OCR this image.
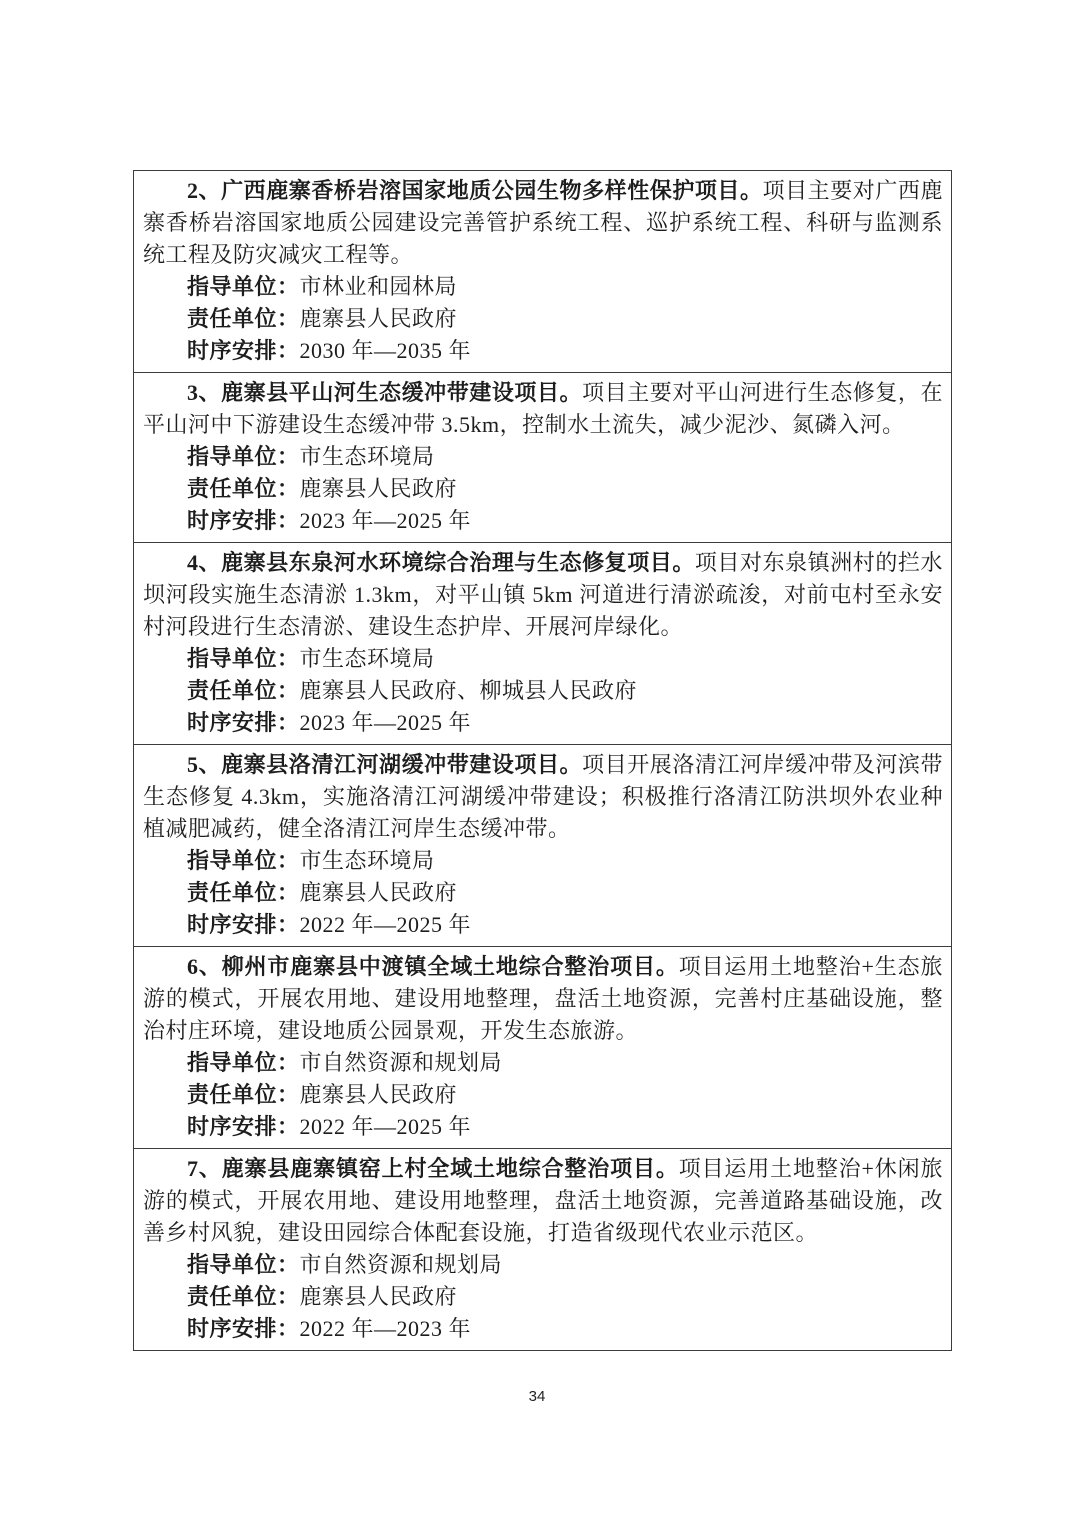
2、广西鹿寨香桥岩溶国家地质公园生物多样性保护项目。项目主要对广西鹿寨香桥岩溶国家地质公园建设完善管护系统工程、巡护系统工程、科研与监测系统工程及防灾减灾工程等。

指导单位：市林业和园林局

责任单位：鹿寨县人民政府

时序安排：2030 年—2035 年

3、鹿寨县平山河生态缓冲带建设项目。项目主要对平山河进行生态修复，在平山河中下游建设生态缓冲带 3.5km，控制水土流失，减少泥沙、氮磷入河。

指导单位：市生态环境局

责任单位：鹿寨县人民政府

时序安排：2023 年—2025 年

4、鹿寨县东泉河水环境综合治理与生态修复项目。项目对东泉镇洲村的拦水坝河段实施生态清淤 1.3km，对平山镇 5km 河道进行清淤疏浚，对前屯村至永安村河段进行生态清淤、建设生态护岸、开展河岸绿化。

指导单位：市生态环境局

责任单位：鹿寨县人民政府、柳城县人民政府

时序安排：2023 年—2025 年

5、鹿寨县洛清江河湖缓冲带建设项目。项目开展洛清江河岸缓冲带及河滨带生态修复 4.3km，实施洛清江河湖缓冲带建设；积极推行洛清江防洪坝外农业种植减肥减药，健全洛清江河岸生态缓冲带。

指导单位：市生态环境局

责任单位：鹿寨县人民政府

时序安排：2022 年—2025 年

6、柳州市鹿寨县中渡镇全域土地综合整治项目。项目运用土地整治+生态旅游的模式，开展农用地、建设用地整理，盘活土地资源，完善村庄基础设施，整治村庄环境，建设地质公园景观，开发生态旅游。

指导单位：市自然资源和规划局

责任单位：鹿寨县人民政府

时序安排：2022 年—2025 年

7、鹿寨县鹿寨镇窑上村全域土地综合整治项目。项目运用土地整治+休闲旅游的模式，开展农用地、建设用地整理，盘活土地资源，完善道路基础设施，改善乡村风貌，建设田园综合体配套设施，打造省级现代农业示范区。

指导单位：市自然资源和规划局

责任单位：鹿寨县人民政府

时序安排：2022 年—2023 年

34
